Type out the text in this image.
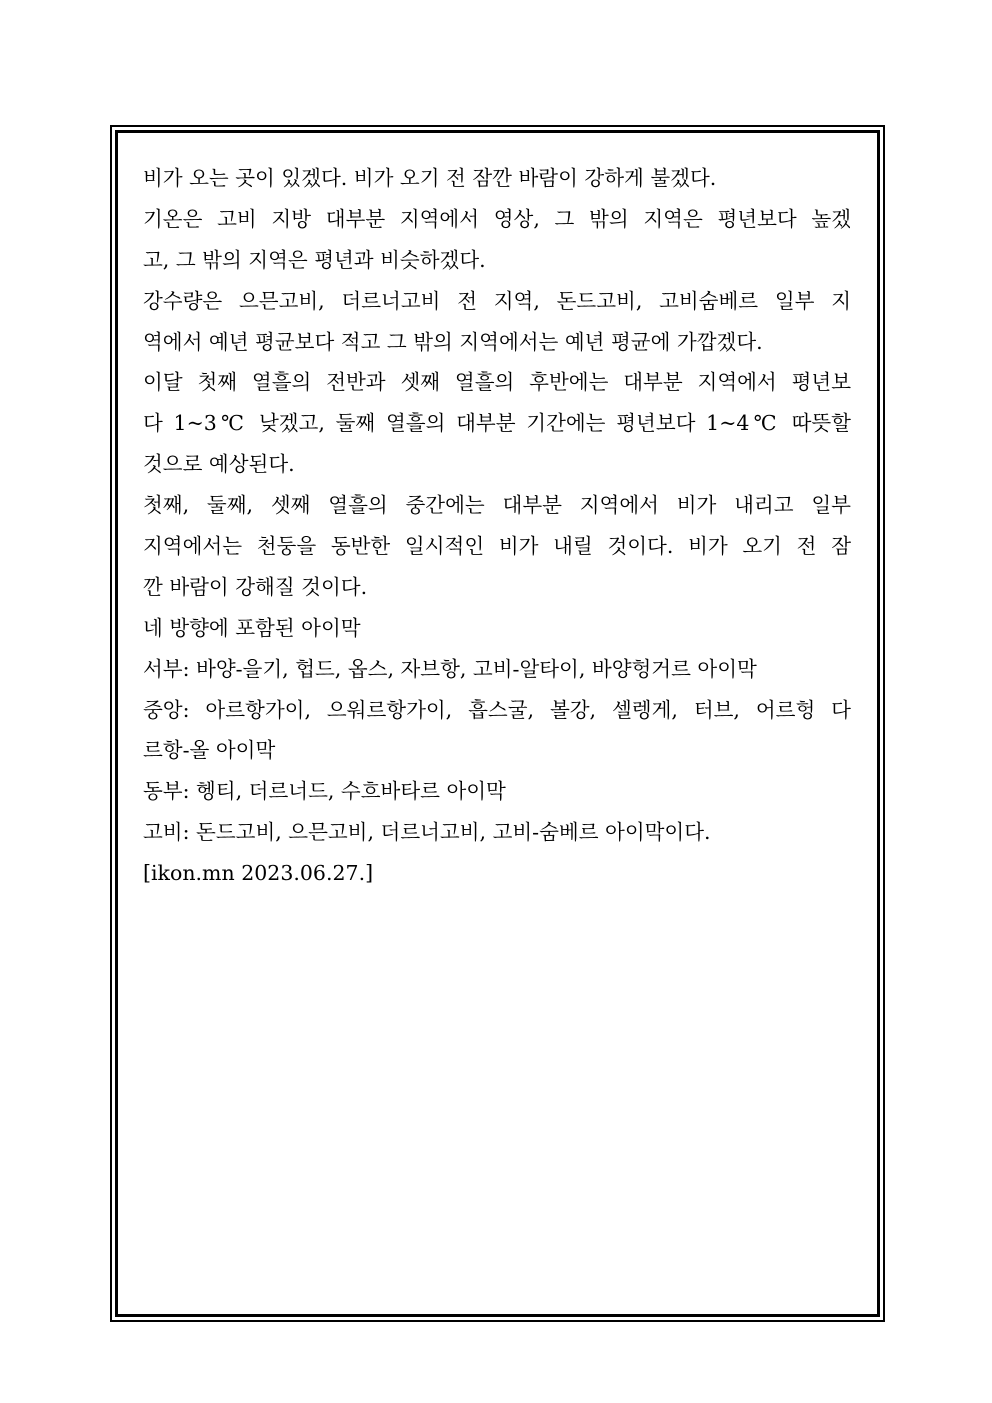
비가 오는 곳이 있겠다. 비가 오기 전 잠깐 바람이 강하게 불겠다.
기온은 고비 지방 대부분 지역에서 영상, 그 밖의 지역은 평년보다 높겠
고, 그 밖의 지역은 평년과 비슷하겠다.
강수량은 으믄고비, 더르너고비 전 지역, 돈드고비, 고비숨베르 일부 지
역에서 예년 평균보다 적고 그 밖의 지역에서는 예년 평균에 가깝겠다.
이달 첫째 열흘의 전반과 셋째 열흘의 후반에는 대부분 지역에서 평년보
다 1~3℃ 낮겠고, 둘째 열흘의 대부분 기간에는 평년보다 1~4℃ 따뜻할
것으로 예상된다.
첫째, 둘째, 셋째 열흘의 중간에는 대부분 지역에서 비가 내리고 일부
지역에서는 천둥을 동반한 일시적인 비가 내릴 것이다. 비가 오기 전 잠
깐 바람이 강해질 것이다.
네 방향에 포함된 아이막
서부: 바양-을기, 헙드, 옵스, 자브항, 고비-알타이, 바양헝거르 아이막
중앙: 아르항가이, 으워르항가이, 흡스굴, 볼강, 셀렝게, 터브, 어르헝 다
르항-올 아이막
동부: 헹티, 더르너드, 수흐바타르 아이막
고비: 돈드고비, 으믄고비, 더르너고비, 고비-숨베르 아이막이다.
[ikon.mn 2023.06.27.]
